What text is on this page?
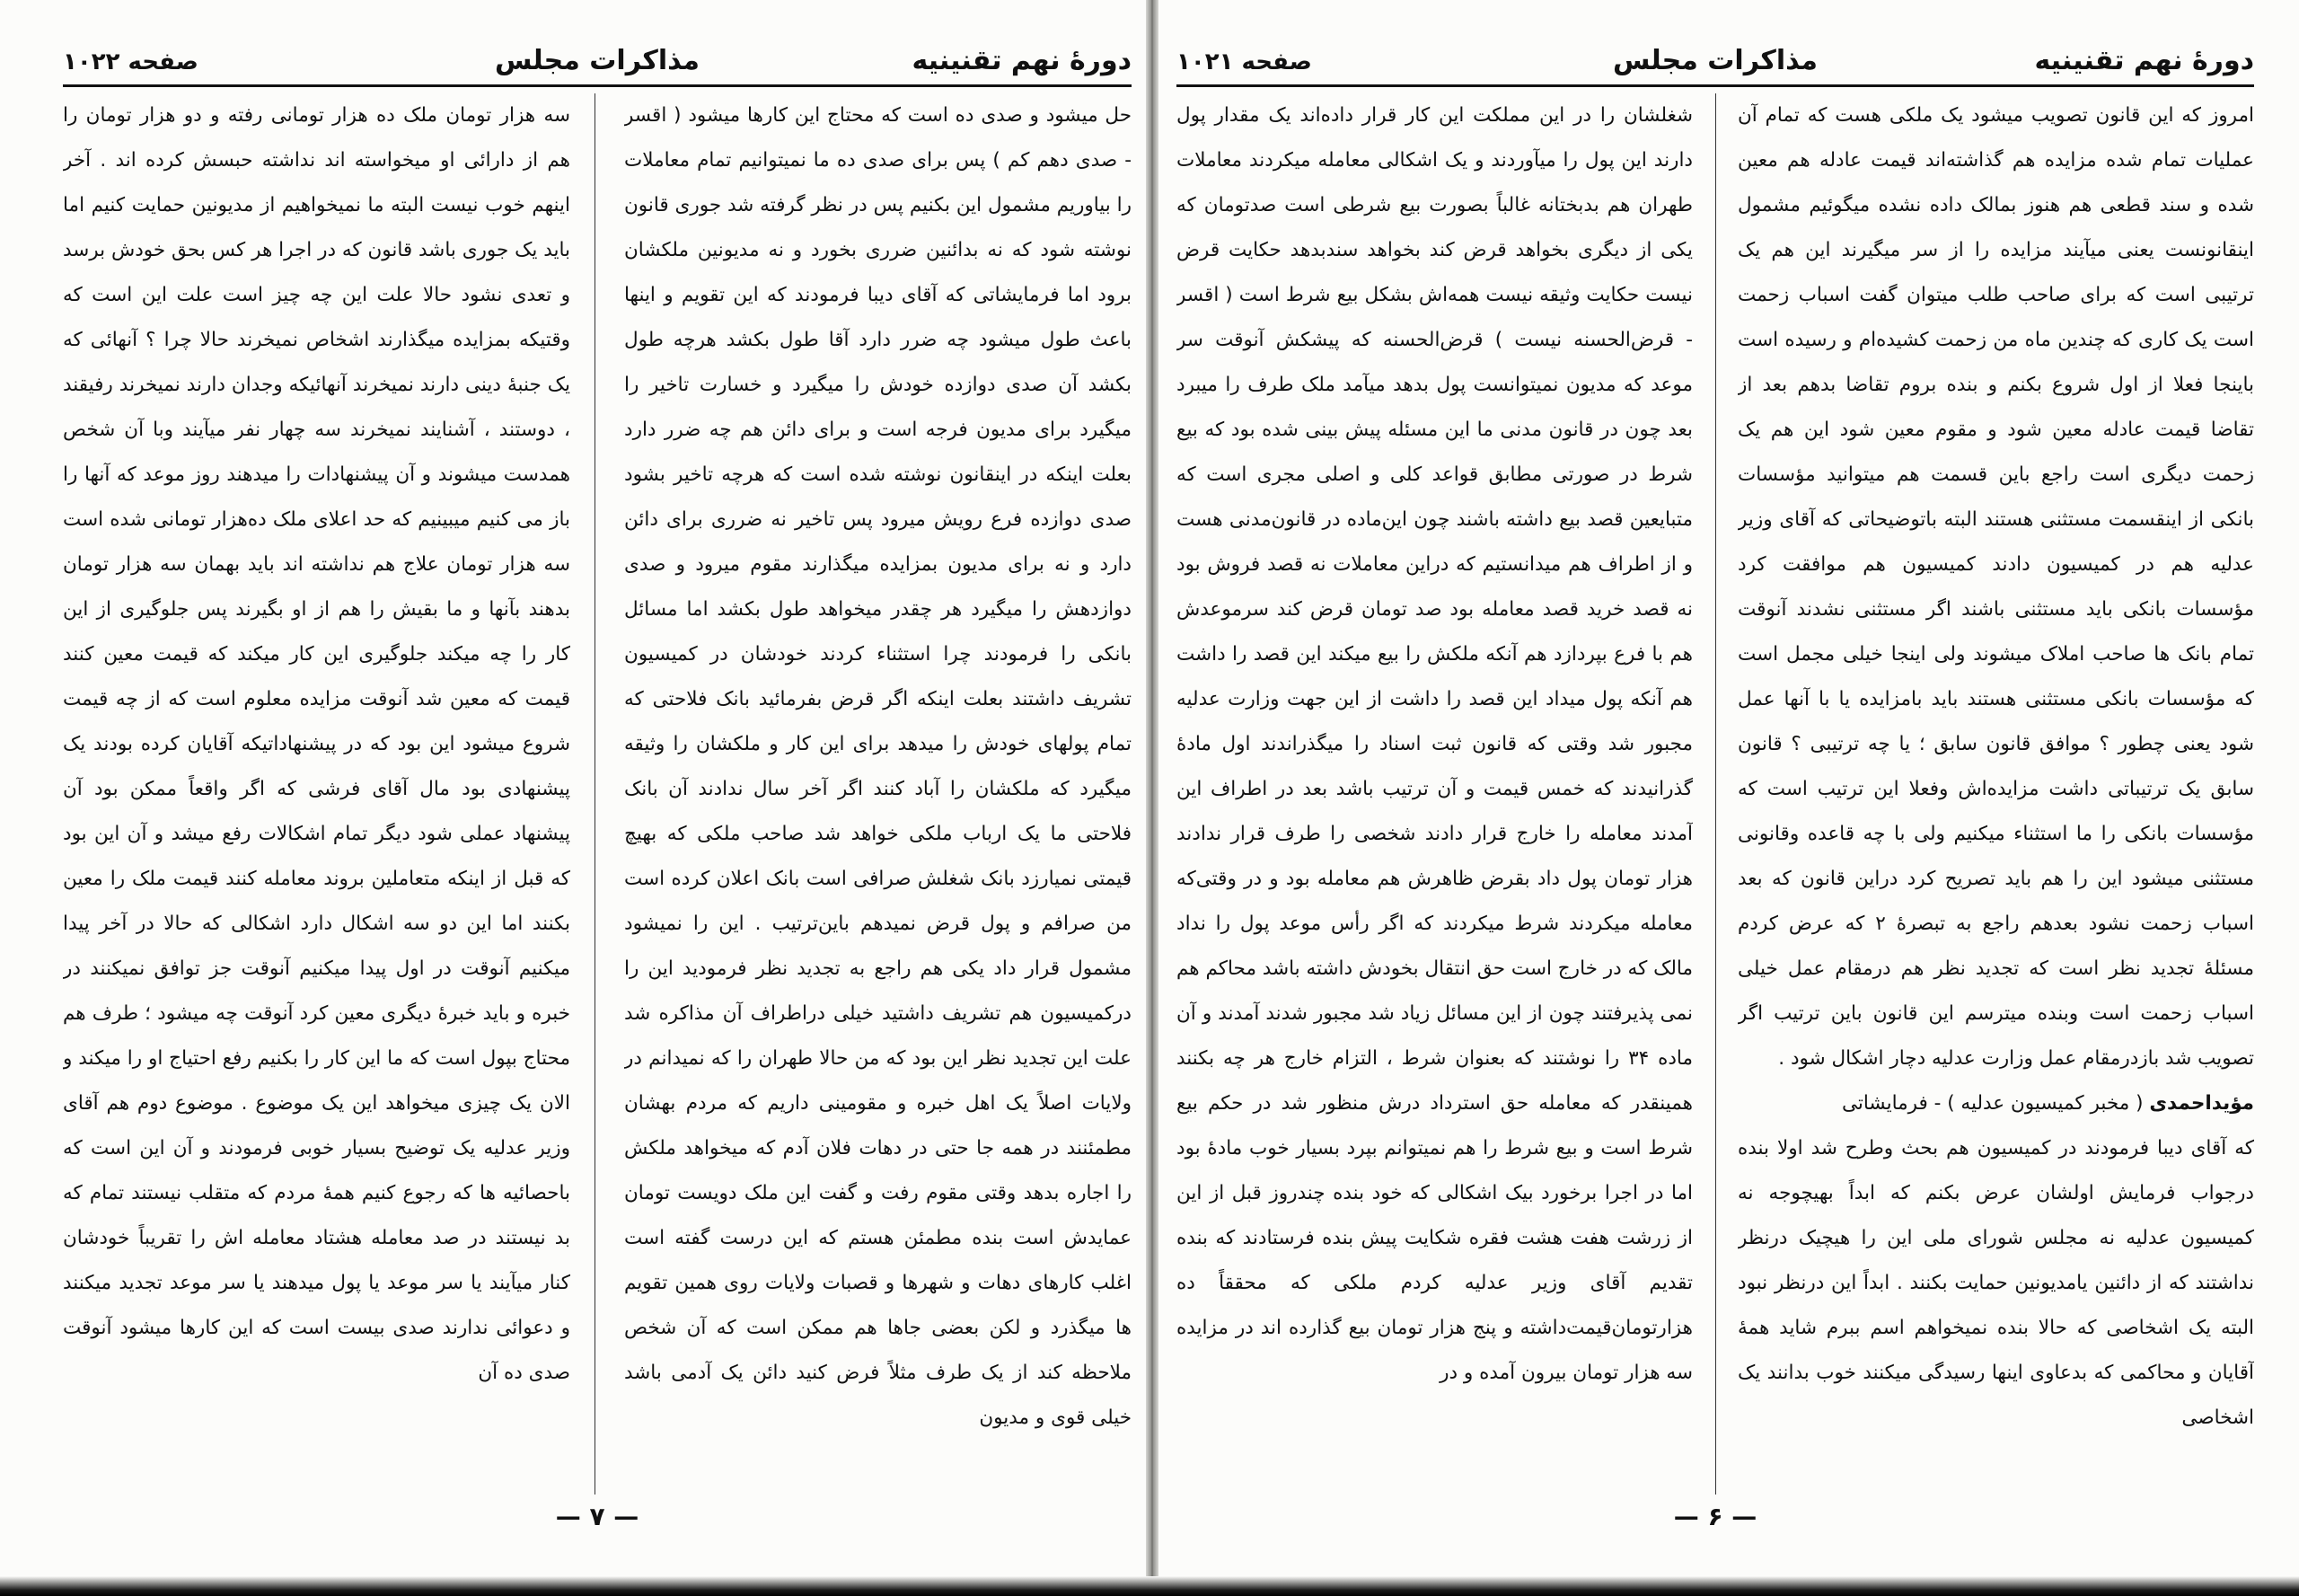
دورهٔ نهم تقنینیه
مذاکرات مجلس
صفحه ۱۰۲۲

حل میشود و صدی ده است که محتاج این کارها میشود ( اقسر - صدی دهم کم ) پس برای صدی ده ما نمیتوانیم تمام معاملات را بیاوریم مشمول این بکنیم پس در نظر گرفته شد جوری قانون نوشته شود که نه بدائنین ضرری بخورد و نه مدیونین ملکشان برود اما فرمایشاتی که آقای دیبا فرمودند که این تقویم و اینها باعث طول میشود چه ضرر دارد آقا طول بکشد هرچه طول بکشد آن صدی دوازده خودش را میگیرد و خسارت تاخیر را میگیرد برای مدیون فرجه است و برای دائن هم چه ضرر دارد بعلت اینکه در اینقانون نوشته شده است که هرچه تاخیر بشود صدی دوازده فرع رویش میرود پس تاخیر نه ضرری برای دائن دارد و نه برای مدیون بمزایده میگذارند مقوم میرود و صدی دوازدهش را میگیرد هر چقدر میخواهد طول بکشد اما مسائل بانکی را فرمودند چرا استثناء کردند خودشان در کمیسیون تشریف داشتند بعلت اینکه اگر قرض بفرمائید بانک فلاحتی که تمام پولهای خودش را میدهد برای این کار و ملکشان را وثیقه میگیرد که ملکشان را آباد کنند اگر آخر سال ندادند آن بانک فلاحتی ما یک ارباب ملکی خواهد شد صاحب ملکی که بهیچ قیمتی نمیارزد بانک شغلش صرافی است بانک اعلان کرده است من صرافم و پول قرض نمیدهم باین‌ترتیب . این را نمیشود مشمول قرار داد یکی هم راجع به تجدید نظر فرمودید این را درکمیسیون هم تشریف داشتید خیلی دراطراف آن مذاکره شد علت این تجدید نظر این بود که من حالا طهران را که نمیدانم در ولایات اصلاً یک اهل خبره و مقومینی داریم که مردم بهشان مطمئنند در همه جا حتی در دهات فلان آدم که میخواهد ملکش را اجاره بدهد وقتی مقوم رفت و گفت این ملک دویست تومان عمایدش است بنده مطمئن هستم که این درست گفته است اغلب کارهای دهات و شهرها و قصبات ولایات روی همین تقویم ها میگذرد و لکن بعضی جاها هم ممکن است که آن شخص ملاحظه کند از یک طرف مثلاً فرض کنید دائن یک آدمی باشد خیلی قوی و مدیون

سه هزار تومان ملک ده هزار تومانی رفته و دو هزار تومان را هم از دارائی او میخواسته اند نداشته حبسش کرده اند . آخر اینهم خوب نیست البته ما نمیخواهیم از مدیونین حمایت کنیم اما باید یک جوری باشد قانون که در اجرا هر کس بحق خودش برسد و تعدی نشود حالا علت این چه چیز است علت این است که وقتیکه بمزایده میگذارند اشخاص نمیخرند حالا چرا ؟ آنهائی که یک جنبهٔ دینی دارند نمیخرند آنهائیکه وجدان دارند نمیخرند رفیقند ، دوستند ، آشنایند نمیخرند سه چهار نفر میآیند وبا آن شخص همدست میشوند و آن پیشنهادات را میدهند روز موعد که آنها را باز می کنیم میبینیم که حد اعلای ملک ده‌هزار تومانی شده است سه هزار تومان علاج هم نداشته اند باید بهمان سه هزار تومان بدهند بآنها و ما بقیش را هم از او بگیرند پس جلوگیری از این کار را چه میکند جلوگیری این کار میکند که قیمت معین کنند قیمت که معین شد آنوقت مزایده معلوم است که از چه قیمت شروع میشود این بود که در پیشنهاداتیکه آقایان کرده بودند یک پیشنهادی بود مال آقای فرشی که اگر واقعاً ممکن بود آن پیشنهاد عملی شود دیگر تمام اشکالات رفع میشد و آن این بود که قبل از اینکه متعاملین بروند معامله کنند قیمت ملک را معین بکنند اما این دو سه اشکال دارد اشکالی که حالا در آخر پیدا میکنیم آنوقت در اول پیدا میکنیم آنوقت جز توافق نمیکنند در خبره و باید خبرهٔ دیگری معین کرد آنوقت چه میشود ؛ طرف هم محتاج بپول است که ما این کار را بکنیم رفع احتیاج او را میکند و الان یک چیزی میخواهد این یک موضوع . موضوع دوم هم آقای وزیر عدلیه یک توضیح بسیار خوبی فرمودند و آن این است که باحصائیه ها که رجوع کنیم همهٔ مردم که متقلب نیستند تمام که بد نیستند در صد معامله هشتاد معامله اش را تقریباً خودشان کنار میآیند یا سر موعد یا پول میدهند یا سر موعد تجدید میکنند و دعوائی ندارند صدی بیست است که این کارها میشود آنوقت صدی ده آن

— ۷ —
دورهٔ نهم تقنینیه
مذاکرات مجلس
صفحه ۱۰۲۱

امروز که این قانون تصویب میشود یک ملکی هست که تمام آن عملیات تمام شده مزایده هم گذاشته‌اند قیمت عادله هم معین شده و سند قطعی هم هنوز بمالک داده نشده میگوئیم مشمول اینقانونست یعنی میآیند مزایده را از سر میگیرند این هم یک ترتیبی است که برای صاحب طلب میتوان گفت اسباب زحمت است یک کاری که چندین ماه من زحمت کشیده‌ام و رسیده است باینجا فعلا از اول شروع بکنم و بنده بروم تقاضا بدهم بعد از تقاضا قیمت عادله معین شود و مقوم معین شود این هم یک زحمت دیگری است راجع باین قسمت هم میتوانید مؤسسات بانکی از اینقسمت مستثنی هستند البته باتوضیحاتی که آقای وزیر عدلیه هم در کمیسیون دادند کمیسیون هم موافقت کرد مؤسسات بانکی باید مستثنی باشند اگر مستثنی نشدند آنوقت تمام بانک ها صاحب املاک میشوند ولی اینجا خیلی مجمل است که مؤسسات بانکی مستثنی هستند باید بامزایده یا با آنها عمل شود یعنی چطور ؟ موافق قانون سابق ؛ یا چه ترتیبی ؟ قانون سابق یک ترتیباتی داشت مزایده‌اش وفعلا این ترتیب است که مؤسسات بانکی را ما استثناء میکنیم ولی با چه قاعده وقانونی مستثنی میشود این را هم باید تصریح کرد دراین قانون که بعد اسباب زحمت نشود بعدهم راجع به تبصرهٔ ۲ که عرض کردم مسئلهٔ تجدید نظر است که تجدید نظر هم درمقام عمل خیلی اسباب زحمت است وبنده میترسم این قانون باین ترتیب اگر تصویب شد بازدرمقام عمل وزارت عدلیه دچار اشکال شود .

مؤیداحمدی ( مخبر کمیسیون عدلیه ) - فرمایشاتی

که آقای دیبا فرمودند در کمیسیون هم بحث وطرح شد اولا بنده درجواب فرمایش اولشان عرض بکنم که ابداً بهیچوجه نه کمیسیون عدلیه نه مجلس شورای ملی این را هیچیک درنظر نداشتند که از دائنین یامدیونین حمایت بکنند . ابداً این درنظر نبود البته یک اشخاصی که حالا بنده نمیخواهم اسم ببرم شاید همهٔ آقایان و محاکمی که بدعاوی اینها رسیدگی میکنند خوب بدانند یک اشخاصی

شغلشان را در این مملکت این کار قرار داده‌اند یک مقدار پول دارند این پول را میآوردند و یک اشکالی معامله میکردند معاملات طهران هم بدبختانه غالباً بصورت بیع شرطی است صدتومان که یکی از دیگری بخواهد قرض کند بخواهد سندبدهد حکایت قرض نیست حکایت وثیقه نیست همه‌اش بشکل بیع شرط است ( اقسر - قرض‌الحسنه نیست ) قرض‌الحسنه که پیشکش آنوقت سر موعد که مدیون نمیتوانست پول بدهد میآمد ملک طرف را میبرد بعد چون در قانون مدنی ما این مسئله پیش بینی شده بود که بیع شرط در صورتی مطابق قواعد کلی و اصلی مجری است که متبایعین قصد بیع داشته باشند چون این‌ماده در قانون‌مدنی هست و از اطراف هم میدانستیم که دراین معاملات نه قصد فروش بود نه قصد خرید قصد معامله بود صد تومان قرض کند سرموعدش هم با فرع بپردازد هم آنکه ملکش را بیع میکند این قصد را داشت هم آنکه پول میداد این قصد را داشت از این جهت وزارت عدلیه مجبور شد وقتی که قانون ثبت اسناد را میگذراندند اول مادهٔ گذرانیدند که خمس قیمت و آن ترتیب باشد بعد در اطراف این آمدند معامله را خارج قرار دادند شخصی را طرف قرار ندادند هزار تومان پول داد بقرض ظاهرش هم معامله بود و در وقتی‌که معامله میکردند شرط میکردند که اگر رأس موعد پول را نداد مالک که در خارج است حق انتقال بخودش داشته باشد محاکم هم نمی پذیرفتند چون از این مسائل زیاد شد مجبور شدند آمدند و آن ماده ۳۴ را نوشتند که بعنوان شرط ، التزام خارج هر چه بکنند همینقدر که معامله حق استرداد درش منظور شد در حکم بیع شرط است و بیع شرط را هم نمیتوانم بپرد بسیار خوب مادهٔ بود اما در اجرا برخورد بیک اشکالی که خود بنده چندروز قبل از این از زرشت هفت هشت فقره شکایت پیش بنده فرستادند که بنده تقدیم آقای وزیر عدلیه کردم ملکی که محققاً ده هزارتومان‌قیمت‌داشته و پنج هزار تومان بیع گذارده اند در مزایده سه هزار تومان بیرون آمده و در

— ۶ —
